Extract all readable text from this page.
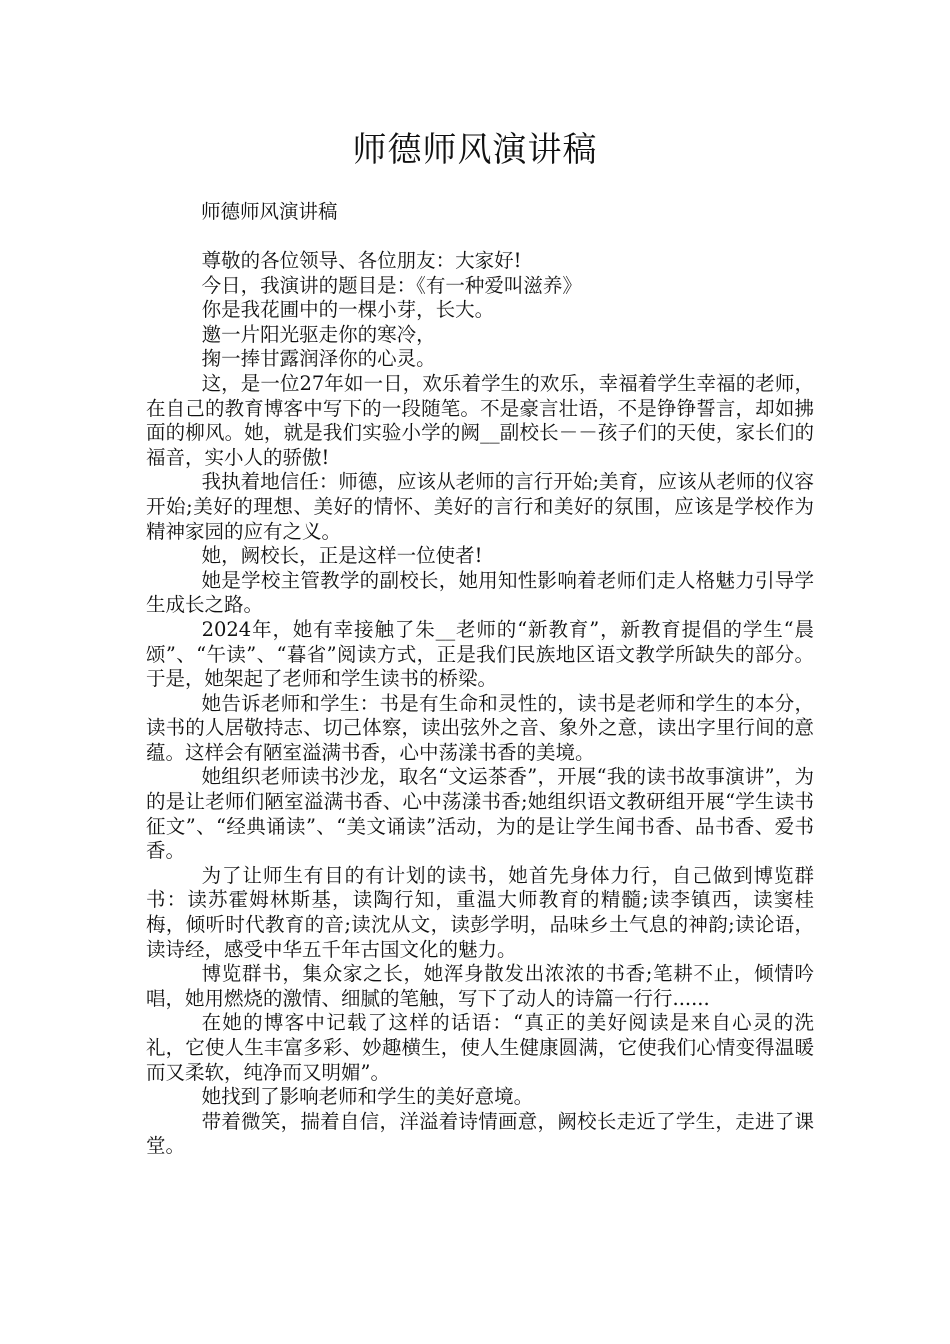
师德师风演讲稿

师德师风演讲稿

尊敬的各位领导、各位朋友：大家好!

今日，我演讲的题目是：《有一种爱叫滋养》

你是我花圃中的一棵小芽，长大。

邀一片阳光驱走你的寒冷，

掬一捧甘露润泽你的心灵。

这，是一位27年如一日，欢乐着学生的欢乐，幸福着学生幸福的老师，在自己的教育博客中写下的一段随笔。不是豪言壮语，不是铮铮誓言，却如拂面的柳风。她，就是我们实验小学的阙__副校长－－孩子们的天使，家长们的福音，实小人的骄傲!

我执着地信任：师德，应该从老师的言行开始;美育，应该从老师的仪容开始;美好的理想、美好的情怀、美好的言行和美好的氛围，应该是学校作为精神家园的应有之义。

她，阙校长，正是这样一位使者!

她是学校主管教学的副校长，她用知性影响着老师们走人格魅力引导学生成长之路。

2024年，她有幸接触了朱__老师的“新教育”，新教育提倡的学生“晨颂”、“午读”、“暮省”阅读方式，正是我们民族地区语文教学所缺失的部分。于是，她架起了老师和学生读书的桥梁。

她告诉老师和学生：书是有生命和灵性的，读书是老师和学生的本分，读书的人居敬持志、切己体察，读出弦外之音、象外之意，读出字里行间的意蕴。这样会有陋室溢满书香，心中荡漾书香的美境。

她组织老师读书沙龙，取名“文运茶香”，开展“我的读书故事演讲”，为的是让老师们陋室溢满书香、心中荡漾书香;她组织语文教研组开展“学生读书征文”、“经典诵读”、“美文诵读”活动，为的是让学生闻书香、品书香、爱书香。

为了让师生有目的有计划的读书，她首先身体力行，自己做到博览群书：读苏霍姆林斯基，读陶行知，重温大师教育的精髓;读李镇西，读窦桂梅，倾听时代教育的音;读沈从文，读彭学明，品味乡土气息的神韵;读论语，读诗经，感受中华五千年古国文化的魅力。

博览群书，集众家之长，她浑身散发出浓浓的书香;笔耕不止，倾情吟唱，她用燃烧的激情、细腻的笔触，写下了动人的诗篇一行行......

在她的博客中记载了这样的话语：“真正的美好阅读是来自心灵的洗礼，它使人生丰富多彩、妙趣横生，使人生健康圆满，它使我们心情变得温暖而又柔软，纯净而又明媚”。

她找到了影响老师和学生的美好意境。

带着微笑，揣着自信，洋溢着诗情画意，阙校长走近了学生，走进了课堂。
